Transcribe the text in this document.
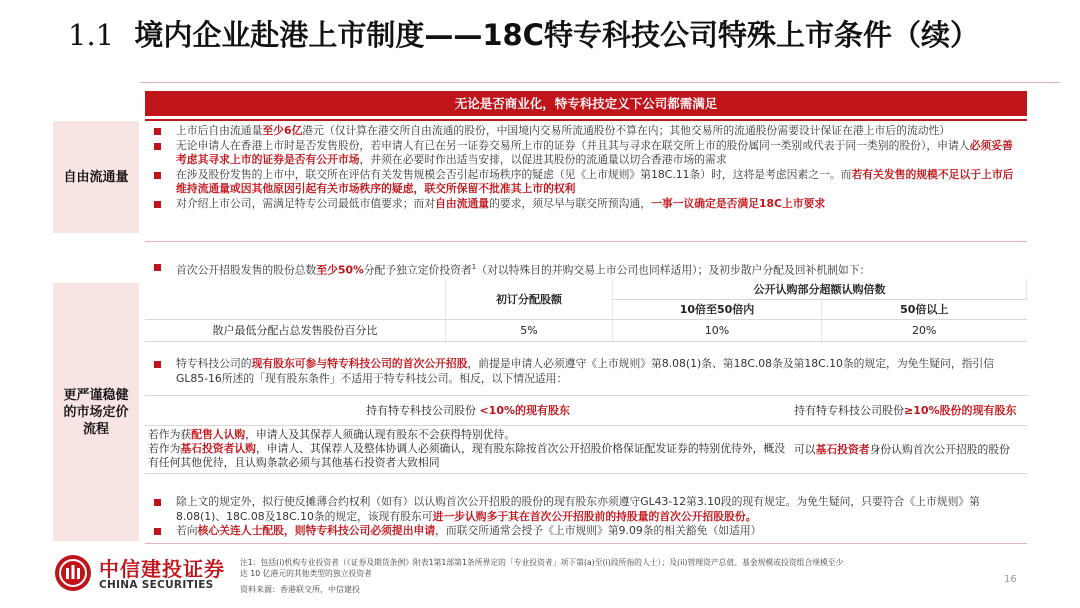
1.1 境内企业赴港上市制度——18C特专科技公司特殊上市条件（续）
无论是否商业化，特专科技定义下公司都需满足
自由流通量
更严谨稳健的市场定价流程
上市后自由流通量至少6亿港元（仅计算在港交所自由流通的股份，中国境内交易所流通股份不算在内；其他交易所的流通股份需要设计保证在港上市后的流动性）
无论申请人在香港上市时是否发售股份，若申请人有已在另一证券交易所上市的证券（并且其与寻求在联交所上市的股份属同一类别或代表于同一类别的股份），申请人必须妥善考虑其寻求上市的证券是否有公开市场，并须在必要时作出适当安排，以促进其股份的流通量以切合香港市场的需求
在涉及股份发售的上市中，联交所在评估有关发售规模会否引起市场秩序的疑虑（见《上市规则》第18C.11条）时，这将是考虑因素之一。而若有关发售的规模不足以于上市后维持流通量或因其他原因引起有关市场秩序的疑虑，联交所保留不批准其上市的权利
对介绍上市公司，需满足特专公司最低市值要求；而对自由流通量的要求，须尽早与联交所预沟通，一事一议确定是否满足18C上市要求
首次公开招股发售的股份总数至少50%分配予独立定价投资者$^1$（对以特殊目的并购交易上市公司也同样适用）；及初步散户分配及回补机制如下：
	初订分配股额	公开认购部分超额认购倍数	
		10倍至50倍内	50倍以上
散户最低分配占总发售股份百分比	5%	10%	20%
特专科技公司的现有股东可参与特专科技公司的首次公开招股，前提是申请人必须遵守《上市规则》第8.08(1)条、第18C.08条及第18C.10条的规定，为免生疑问，指引信GL85-16所述的「现有股东条件」不适用于特专科技公司。相反，以下情况适用：
持有特专科技公司股份 <10%的现有股东	持有特专科技公司股份≥10%股份的现有股东

若作为获配售人认购，申请人及其保荐人须确认现有股东不会获得特别优待。
若作为基石投资者认购，申请人、其保荐人及整体协调人必须确认，现有股东除按首次公开招股价格保证配发证券的特别优待外，概没有任何其他优待，且认购条款必须与其他基石投资者大致相同	可以基石投资者身份认购首次公开招股的股份
除上文的规定外，拟行使反摊薄合约权利（如有）以认购首次公开招股的股份的现有股东亦须遵守GL43-12第3.10段的现有规定。为免生疑问，只要符合《上市规则》第8.08(1)、18C.08及18C.10条的规定，该现有股东可进一步认购多于其在首次公开招股前的持股量的首次公开招股股份。
若向核心关连人士配股，则特专科技公司必须提出申请，而联交所通常会授予《上市规则》第9.09条的相关豁免（如适用）
中信建投证券
CHINA SECURITIES
注1：包括(i)机构专业投资者（《证券及期货条例》附表1第1部第1条所界定的「专业投资者」项下第(a)至(i)段所指的人士）；及(ii)管理资产总值、基金规模或投资组合规模至少达 10 亿港元的其他类型的独立投资者
资料来源：香港联交所，中信建投
16
